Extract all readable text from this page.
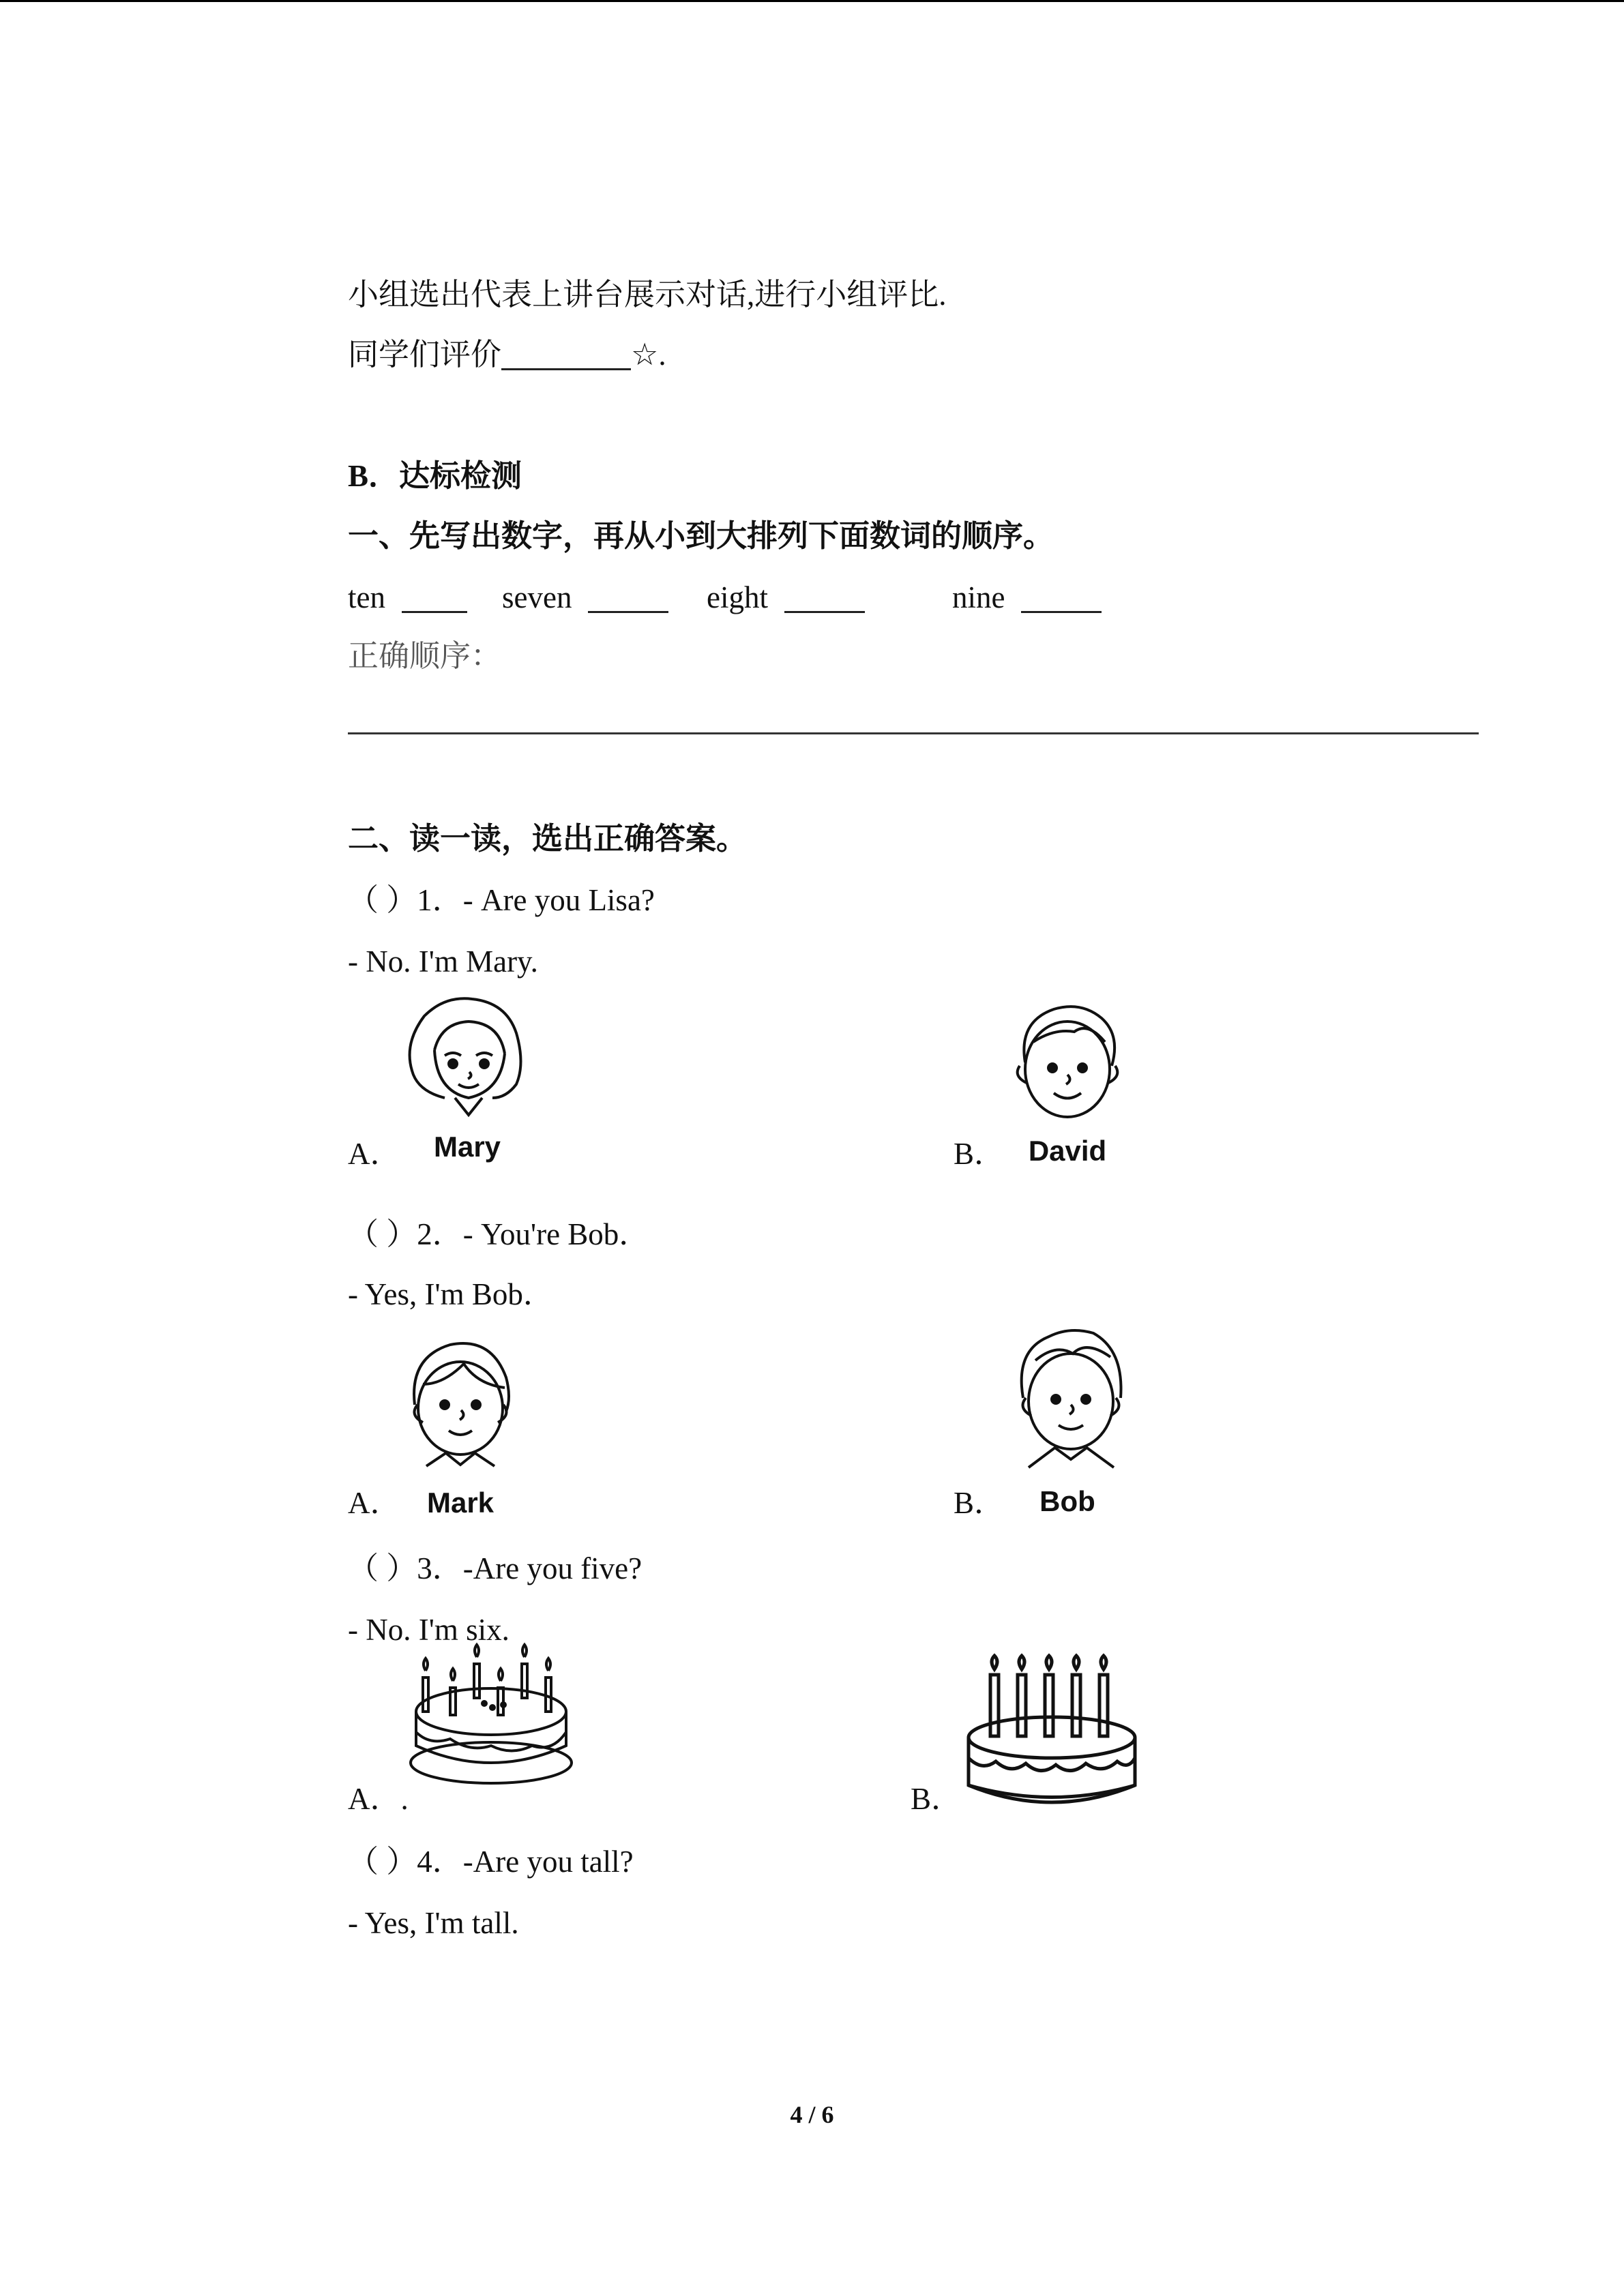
小组选出代表上讲台展示对话,进行小组评比.
同学们评价	☆.
B．达标检测
一、先写出数字，再从小到大排列下面数词的顺序。
ten	seven	eight	nine
正确顺序：
二、读一读，选出正确答案。
（ ）1．- Are you Lisa?
- No. I'm Mary.
Mary
A．	David
B．
（ ）2．- You're Bob．
- Yes, I'm Bob．
Mark
A．	Bob
B．
（ ）3．-Are you five?
- No. I'm six.
A．.	B．
（ ）4．-Are you tall?
- Yes, I'm tall.
4 / 6
